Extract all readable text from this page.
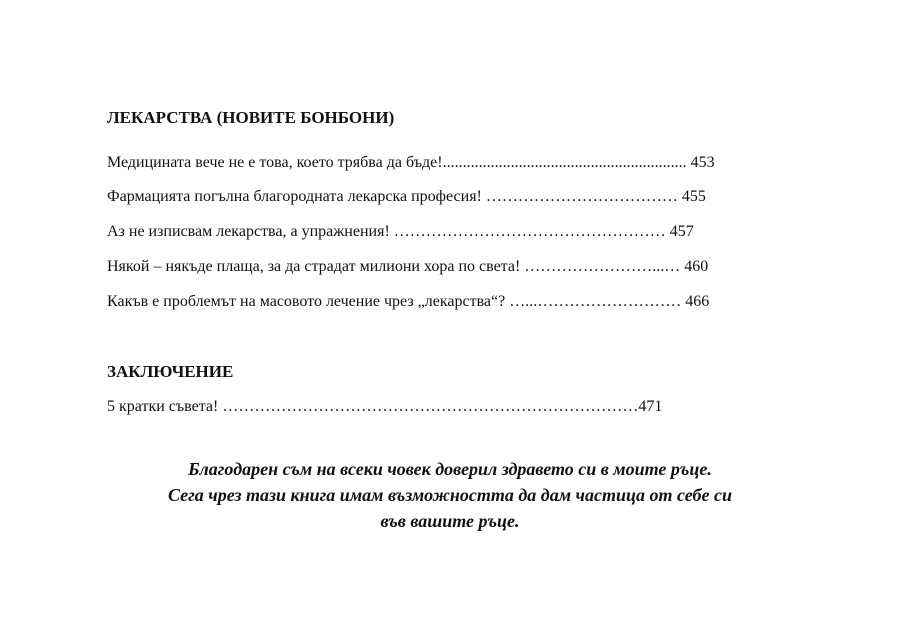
ЛЕКАРСТВА (НОВИТЕ БОНБОНИ)
Медицината вече не е това, което трябва да бъде!............................................................. 453
Фармацията погълна благородната лекарска професия! ……………………………… 455
Аз не изписвам лекарства, а упражнения! …………………………………………… 457
Някой – някъде плаща, за да страдат милиони хора по света! ……………………...… 460
Какъв е проблемът на масовото лечение чрез „лекарства“? …...……………………… 466
ЗАКЛЮЧЕНИЕ
5 кратки съвета! ……………………………………………………………………471
Благодарен съм на всеки човек доверил здравето си в моите ръце.
Сега чрез тази книга имам възможността да дам частица от себе си
във вашите ръце.
